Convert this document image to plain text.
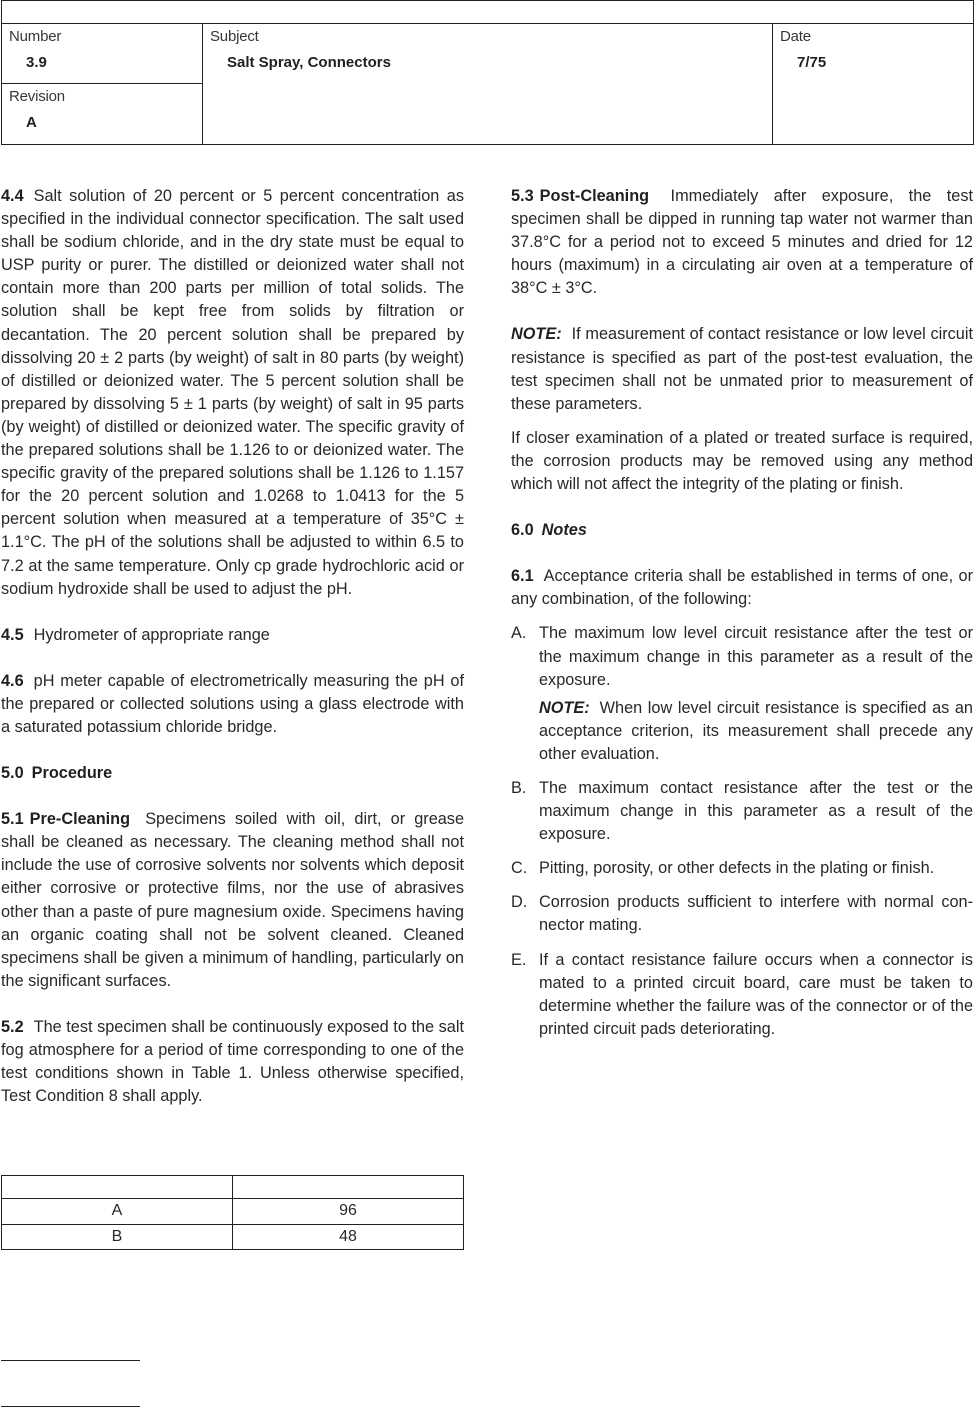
Number
3.9
Revision
A
Subject
Salt Spray, Connectors
Date
7/75

4.4 Salt solution of 20 percent or 5 percent concentration as specified in the individual connector specification. The salt used shall be sodium chloride, and in the dry state must be equal to USP purity or purer. The distilled or deionized water shall not contain more than 200 parts per million of total solids. The solution shall be kept free from solids by filtration or decantation. The 20 percent solution shall be prepared by dissolving 20 ± 2 parts (by weight) of salt in 80 parts (by weight) of distilled or deionized water. The 5 percent solution shall be prepared by dissolving 5 ± 1 parts (by weight) of salt in 95 parts (by weight) of distilled or deionized water. The specific gravity of the prepared solutions shall be 1.126 to or deionized water. The specific gravity of the prepared solutions shall be 1.126 to 1.157 for the 20 percent solution and 1.0268 to 1.0413 for the 5 percent solution when measured at a temperature of 35°C ± 1.1°C. The pH of the solutions shall be adjusted to within 6.5 to 7.2 at the same temperature. Only cp grade hydrochloric acid or sodium hydroxide shall be used to adjust the pH.

4.5 Hydrometer of appropriate range

4.6 pH meter capable of electrometrically measuring the pH of the prepared or collected solutions using a glass electrode with a saturated potassium chloride bridge.

5.0 Procedure

5.1 Pre-Cleaning Specimens soiled with oil, dirt, or grease shall be cleaned as necessary. The cleaning method shall not include the use of corrosive solvents nor solvents which deposit either corrosive or protective films, nor the use of abrasives other than a paste of pure magnesium oxide. Specimens having an organic coating shall not be solvent cleaned. Cleaned specimens shall be given a minimum of handling, particularly on the significant surfaces.

5.2 The test specimen shall be continuously exposed to the salt fog atmosphere for a period of time corresponding to one of the test conditions shown in Table 1. Unless otherwise specified, Test Condition 8 shall apply.

A	96
B	48

5.3 Post-Cleaning Immediately after exposure, the test specimen shall be dipped in running tap water not warmer than 37.8°C for a period not to exceed 5 minutes and dried for 12 hours (maximum) in a circulating air oven at a temperature of 38°C ± 3°C.

NOTE: If measurement of contact resistance or low level circuit resistance is specified as part of the post-test evaluation, the test specimen shall not be unmated prior to measurement of these parameters.

If closer examination of a plated or treated surface is required, the corrosion products may be removed using any method which will not affect the integrity of the plating or finish.

6.0 Notes

6.1 Acceptance criteria shall be established in terms of one, or any combination, of the following:

A. The maximum low level circuit resistance after the test or the maximum change in this parameter as a result of the exposure.
NOTE: When low level circuit resistance is specified as an acceptance criterion, its measurement shall precede any other evaluation.
B. The maximum contact resistance after the test or the maximum change in this parameter as a result of the exposure.
C. Pitting, porosity, or other defects in the plating or finish.
D. Corrosion products sufficient to interfere with normal connector mating.
E. If a contact resistance failure occurs when a connector is mated to a printed circuit board, care must be taken to determine whether the failure was of the connector or of the printed circuit pads deteriorating.
